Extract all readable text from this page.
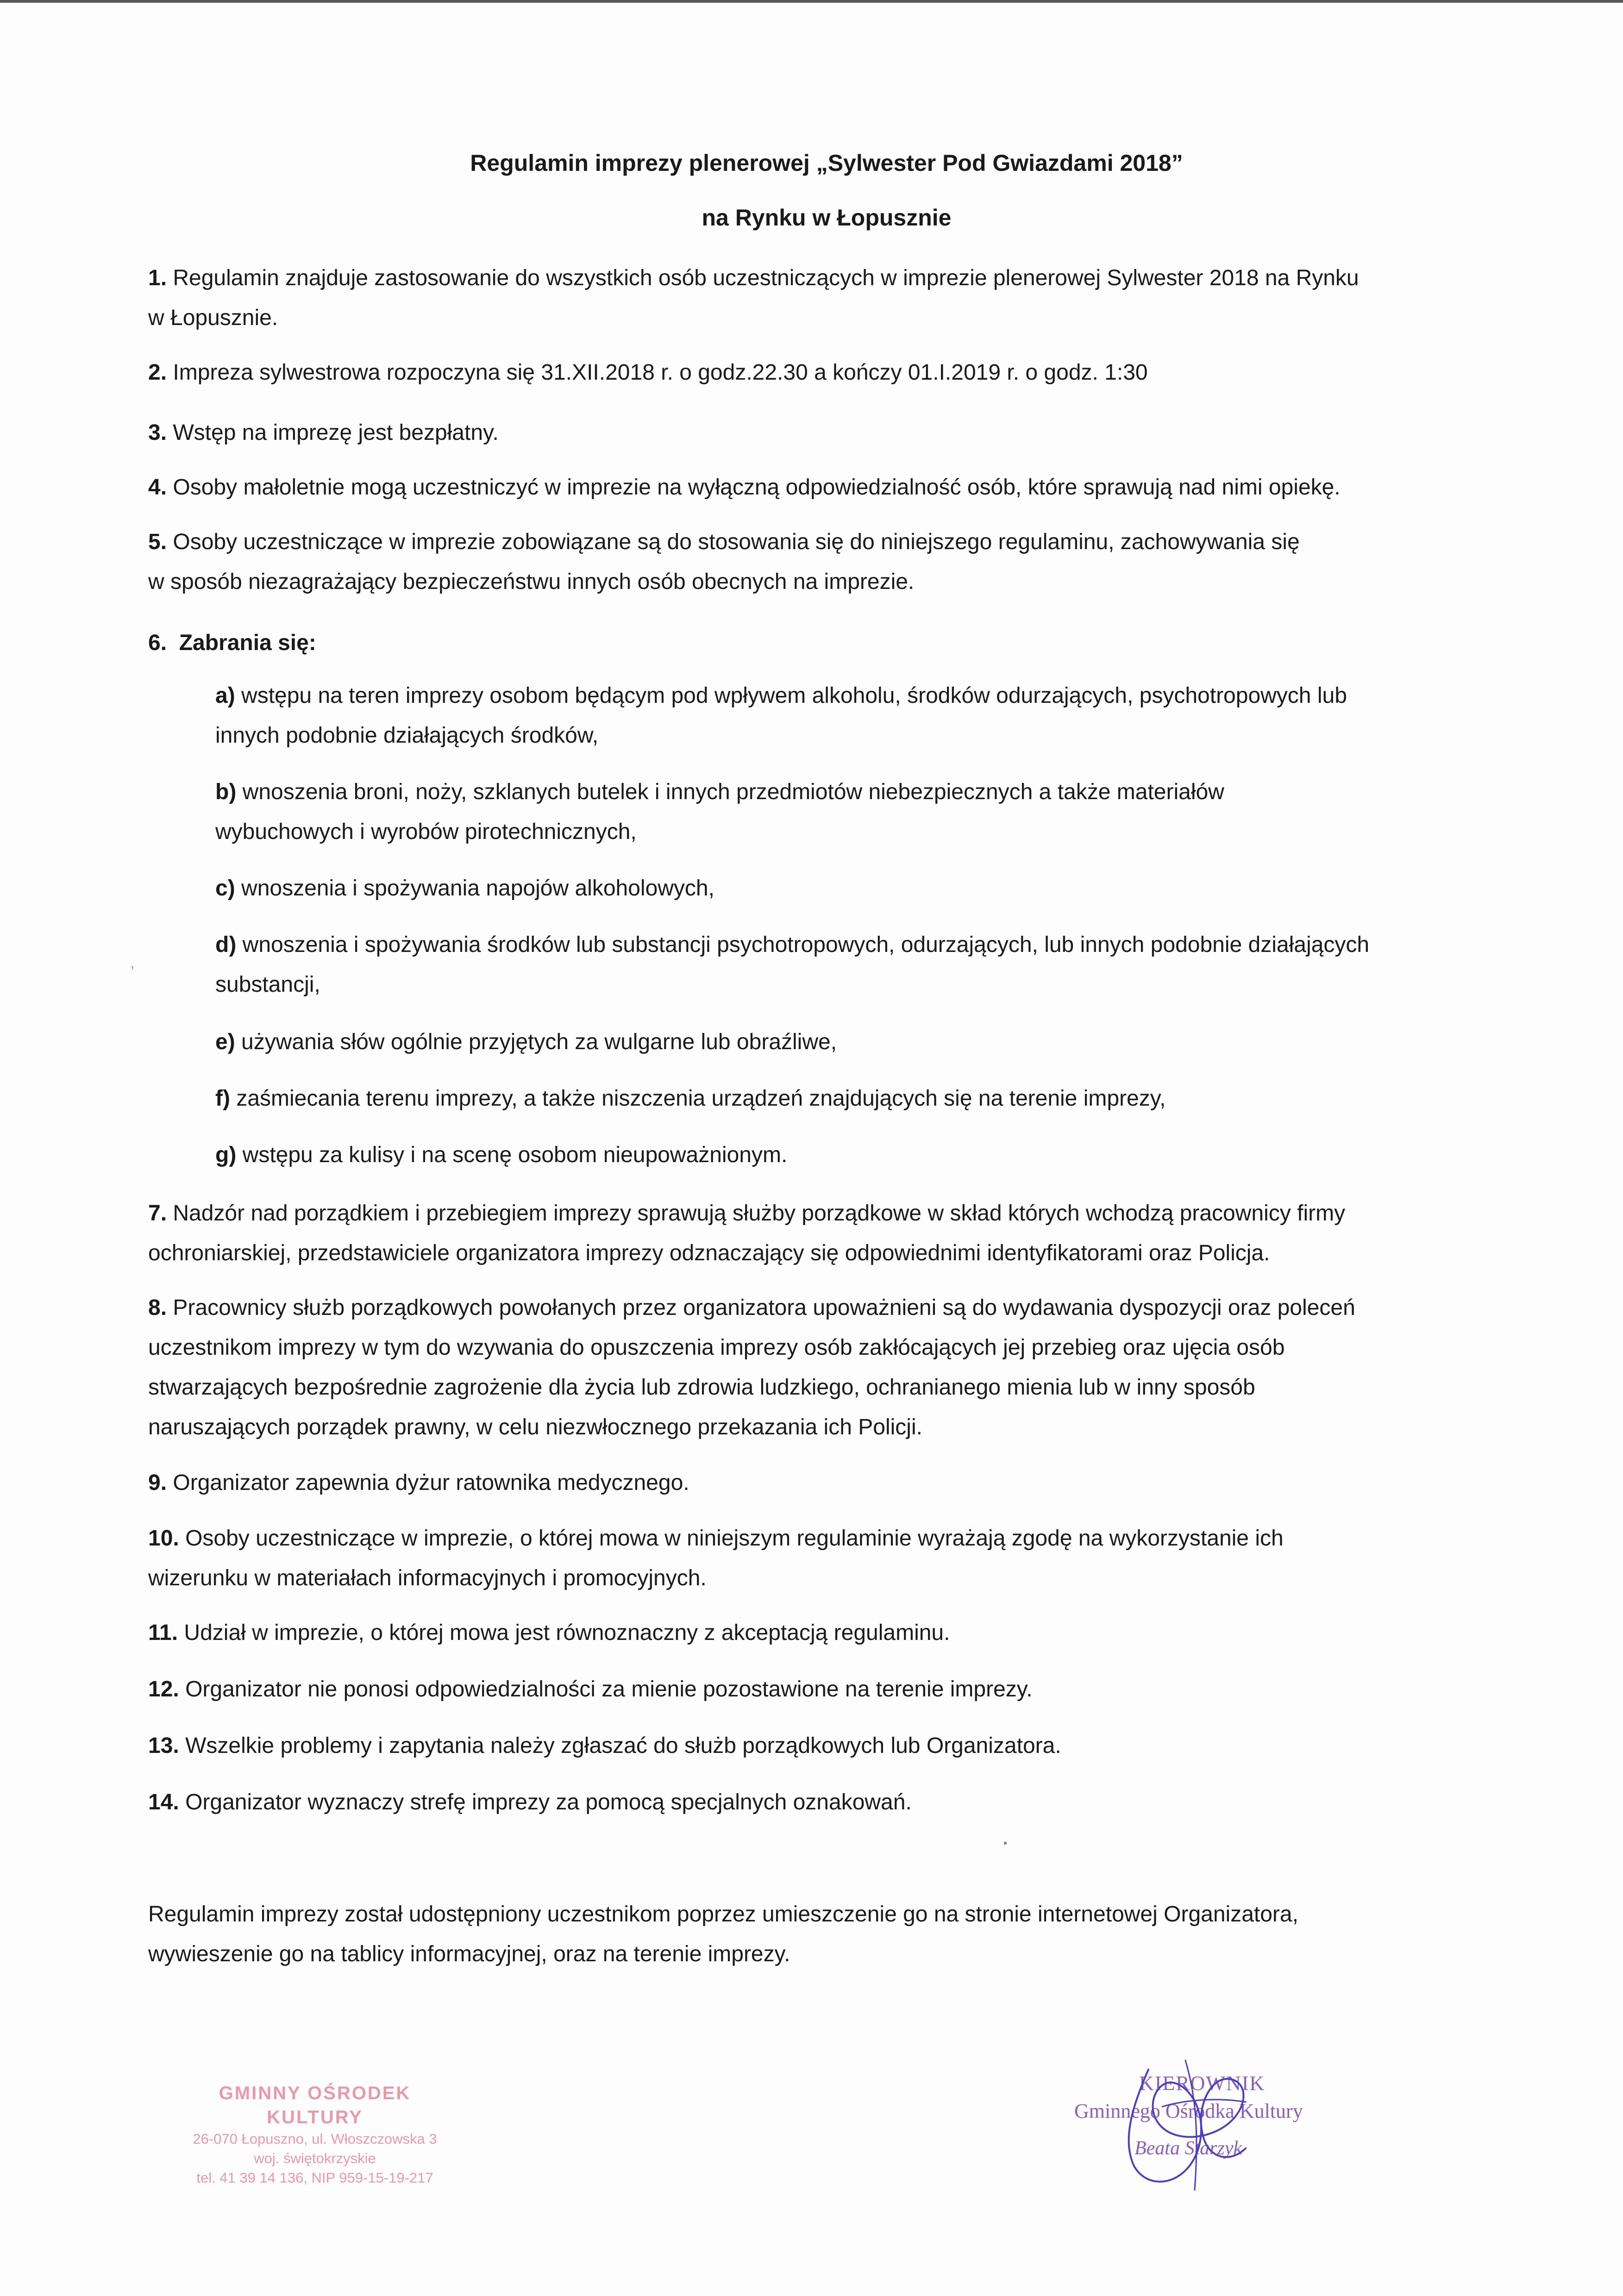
Regulamin imprezy plenerowej „Sylwester Pod Gwiazdami 2018”
na Rynku w Łopusznie

1. Regulamin znajduje zastosowanie do wszystkich osób uczestniczących w imprezie plenerowej Sylwester 2018 na Rynku
w Łopusznie.

2. Impreza sylwestrowa rozpoczyna się 31.XII.2018 r. o godz.22.30 a kończy 01.I.2019 r. o godz. 1:30

3. Wstęp na imprezę jest bezpłatny.

4. Osoby małoletnie mogą uczestniczyć w imprezie na wyłączną odpowiedzialność osób, które sprawują nad nimi opiekę.

5. Osoby uczestniczące w imprezie zobowiązane są do stosowania się do niniejszego regulaminu, zachowywania się
w sposób niezagrażający bezpieczeństwu innych osób obecnych na imprezie.

6. Zabrania się:

a) wstępu na teren imprezy osobom będącym pod wpływem alkoholu, środków odurzających, psychotropowych lub
innych podobnie działających środków,

b) wnoszenia broni, noży, szklanych butelek i innych przedmiotów niebezpiecznych a także materiałów
wybuchowych i wyrobów pirotechnicznych,

c) wnoszenia i spożywania napojów alkoholowych,

d) wnoszenia i spożywania środków lub substancji psychotropowych, odurzających, lub innych podobnie działających
substancji,

e) używania słów ogólnie przyjętych za wulgarne lub obraźliwe,

f) zaśmiecania terenu imprezy, a także niszczenia urządzeń znajdujących się na terenie imprezy,

g) wstępu za kulisy i na scenę osobom nieupoważnionym.

7. Nadzór nad porządkiem i przebiegiem imprezy sprawują służby porządkowe w skład których wchodzą pracownicy firmy
ochroniarskiej, przedstawiciele organizatora imprezy odznaczający się odpowiednimi identyfikatorami oraz Policja.

8. Pracownicy służb porządkowych powołanych przez organizatora upoważnieni są do wydawania dyspozycji oraz poleceń
uczestnikom imprezy w tym do wzywania do opuszczenia imprezy osób zakłócających jej przebieg oraz ujęcia osób
stwarzających bezpośrednie zagrożenie dla życia lub zdrowia ludzkiego, ochranianego mienia lub w inny sposób
naruszających porządek prawny, w celu niezwłocznego przekazania ich Policji.

9. Organizator zapewnia dyżur ratownika medycznego.

10. Osoby uczestniczące w imprezie, o której mowa w niniejszym regulaminie wyrażają zgodę na wykorzystanie ich
wizerunku w materiałach informacyjnych i promocyjnych.

11. Udział w imprezie, o której mowa jest równoznaczny z akceptacją regulaminu.

12. Organizator nie ponosi odpowiedzialności za mienie pozostawione na terenie imprezy.

13. Wszelkie problemy i zapytania należy zgłaszać do służb porządkowych lub Organizatora.

14. Organizator wyznaczy strefę imprezy za pomocą specjalnych oznakowań.

Regulamin imprezy został udostępniony uczestnikom poprzez umieszczenie go na stronie internetowej Organizatora,
wywieszenie go na tablicy informacyjnej, oraz na terenie imprezy.

‚
GMINNY OŚRODEK KULTURY
26-070 Łopuszno, ul. Włoszczowska 3
woj. świętokrzyskie
tel. 41 39 14 136, NIP 959-15-19-217
KIEROWNIK
Gminnego Ośrodka Kultury
Beata Starzyk
